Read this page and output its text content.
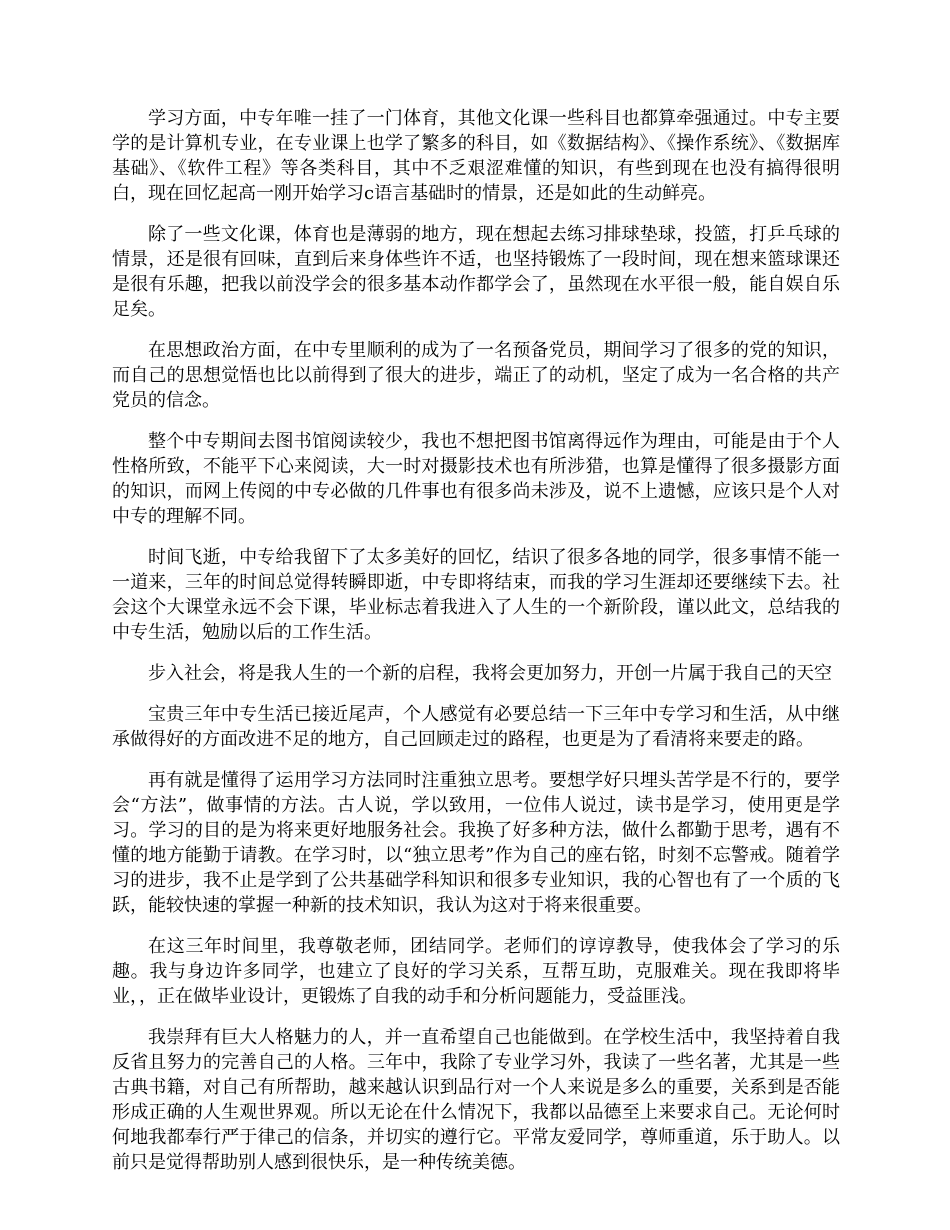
学习方面，中专年唯一挂了一门体育，其他文化课一些科目也都算牵强通过。中专主要学的是计算机专业，在专业课上也学了繁多的科目，如《数据结构》、《操作系统》、《数据库基础》、《软件工程》等各类科目，其中不乏艰涩难懂的知识，有些到现在也没有搞得很明白，现在回忆起高一刚开始学习c语言基础时的情景，还是如此的生动鲜亮。

除了一些文化课，体育也是薄弱的地方，现在想起去练习排球垫球，投篮，打乒乓球的情景，还是很有回味，直到后来身体些许不适，也坚持锻炼了一段时间，现在想来篮球课还是很有乐趣，把我以前没学会的很多基本动作都学会了，虽然现在水平很一般，能自娱自乐足矣。

在思想政治方面，在中专里顺利的成为了一名预备党员，期间学习了很多的党的知识，而自己的思想觉悟也比以前得到了很大的进步，端正了的动机，坚定了成为一名合格的共产党员的信念。

整个中专期间去图书馆阅读较少，我也不想把图书馆离得远作为理由，可能是由于个人性格所致，不能平下心来阅读，大一时对摄影技术也有所涉猎，也算是懂得了很多摄影方面的知识，而网上传阅的中专必做的几件事也有很多尚未涉及，说不上遗憾，应该只是个人对中专的理解不同。

时间飞逝，中专给我留下了太多美好的回忆，结识了很多各地的同学，很多事情不能一一道来，三年的时间总觉得转瞬即逝，中专即将结束，而我的学习生涯却还要继续下去。社会这个大课堂永远不会下课，毕业标志着我进入了人生的一个新阶段，谨以此文，总结我的中专生活，勉励以后的工作生活。

步入社会，将是我人生的一个新的启程，我将会更加努力，开创一片属于我自己的天空

宝贵三年中专生活已接近尾声，个人感觉有必要总结一下三年中专学习和生活，从中继承做得好的方面改进不足的地方，自己回顾走过的路程，也更是为了看清将来要走的路。

再有就是懂得了运用学习方法同时注重独立思考。要想学好只埋头苦学是不行的，要学会“方法”，做事情的方法。古人说，学以致用，一位伟人说过，读书是学习，使用更是学习。学习的目的是为将来更好地服务社会。我换了好多种方法，做什么都勤于思考，遇有不懂的地方能勤于请教。在学习时，以“独立思考”作为自己的座右铭，时刻不忘警戒。随着学习的进步，我不止是学到了公共基础学科知识和很多专业知识，我的心智也有了一个质的飞跃，能较快速的掌握一种新的技术知识，我认为这对于将来很重要。

在这三年时间里，我尊敬老师，团结同学。老师们的谆谆教导，使我体会了学习的乐趣。我与身边许多同学，也建立了良好的学习关系，互帮互助，克服难关。现在我即将毕业，，正在做毕业设计，更锻炼了自我的动手和分析问题能力，受益匪浅。

我崇拜有巨大人格魅力的人，并一直希望自己也能做到。在学校生活中，我坚持着自我反省且努力的完善自己的人格。三年中，我除了专业学习外，我读了一些名著，尤其是一些古典书籍，对自己有所帮助，越来越认识到品行对一个人来说是多么的重要，关系到是否能形成正确的人生观世界观。所以无论在什么情况下，我都以品德至上来要求自己。无论何时何地我都奉行严于律己的信条，并切实的遵行它。平常友爱同学，尊师重道，乐于助人。以前只是觉得帮助别人感到很快乐，是一种传统美德。
